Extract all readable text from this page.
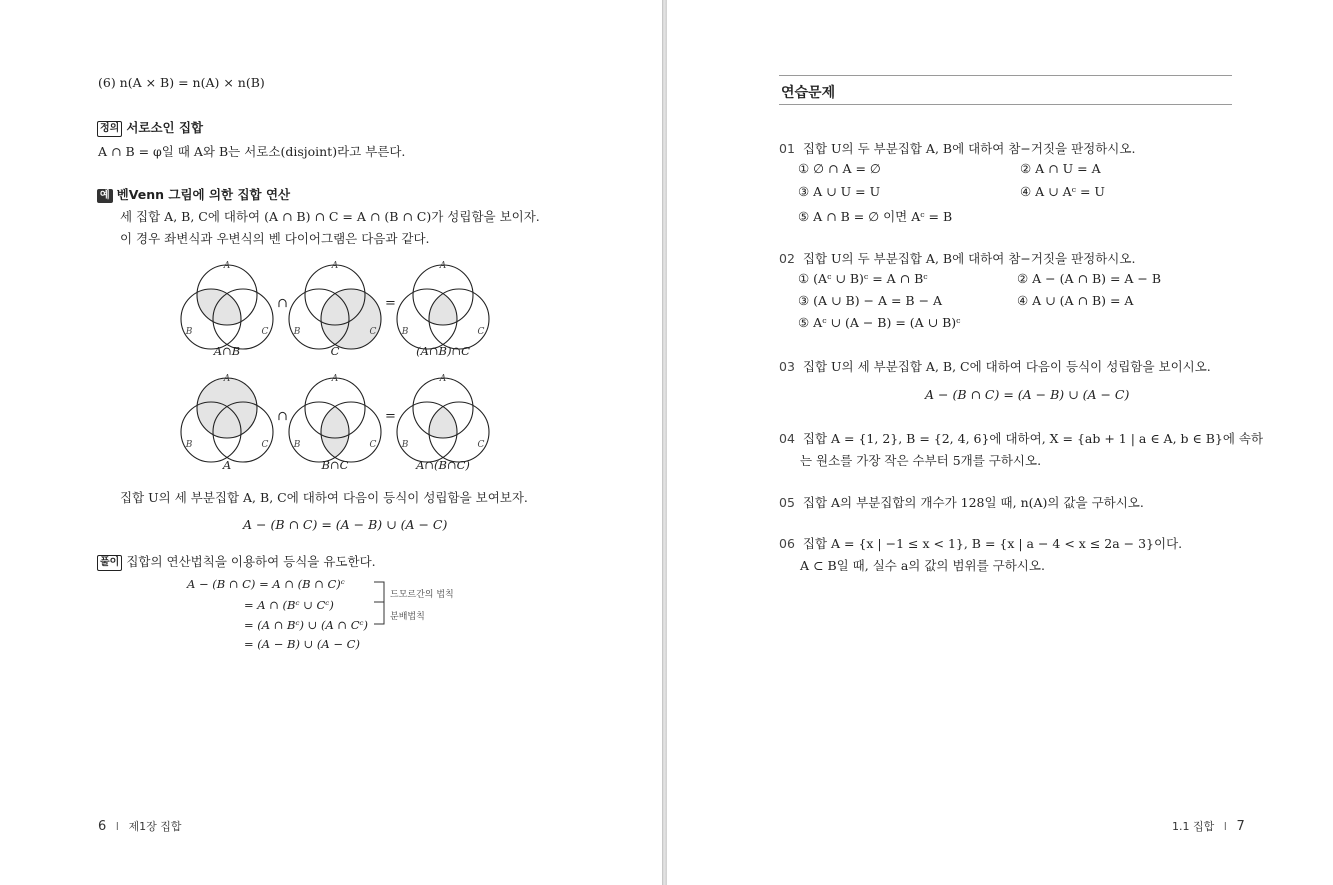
(6) n(A × B) = n(A) × n(B)
정의 서로소인 집합
A ∩ B = φ일 때 A와 B는 서로소(disjoint)라고 부른다.
예 벤Venn 그림에 의한 집합 연산
세 집합 A, B, C에 대하여 (A ∩ B) ∩ C = A ∩ (B ∩ C)가 성립함을 보이자.
이 경우 좌변식과 우변식의 벤 다이어그램은 다음과 같다.
A
B	C
A
B	C
A
B	C
A
B	C
A
B	C
A
B	C
∩	=
∩	=
A∩B	C	(A∩B)∩C
A	B∩C	A∩(B∩C)
집합 U의 세 부분집합 A, B, C에 대하여 다음이 등식이 성립함을 보여보자.
A − (B ∩ C) = (A − B) ∪ (A − C)
풀이 집합의 연산법칙을 이용하여 등식을 유도한다.
A − (B ∩ C) = A ∩ (B ∩ C)ᶜ
= A ∩ (Bᶜ ∪ Cᶜ)
= (A ∩ Bᶜ) ∪ (A ∩ Cᶜ)
= (A − B) ∪ (A − C)
드모르간의 법칙
분배법칙
6 I 제1장 집합
연습문제
01 집합 U의 두 부분집합 A, B에 대하여 참−거짓을 판정하시오.
① ∅ ∩ A = ∅	② A ∩ U = A
③ A ∪ U = U	④ A ∪ Aᶜ = U
⑤ A ∩ B = ∅ 이면 Aᶜ = B
02 집합 U의 두 부분집합 A, B에 대하여 참−거짓을 판정하시오.
① (Aᶜ ∪ B)ᶜ = A ∩ Bᶜ	② A − (A ∩ B) = A − B
③ (A ∪ B) − A = B − A	④ A ∪ (A ∩ B) = A
⑤ Aᶜ ∪ (A − B) = (A ∪ B)ᶜ
03 집합 U의 세 부분집합 A, B, C에 대하여 다음이 등식이 성립함을 보이시오.
A − (B ∩ C) = (A − B) ∪ (A − C)
04 집합 A = {1, 2}, B = {2, 4, 6}에 대하여, X = {ab + 1 | a ∈ A, b ∈ B}에 속하
는 원소를 가장 작은 수부터 5개를 구하시오.
05 집합 A의 부분집합의 개수가 128일 때, n(A)의 값을 구하시오.
06 집합 A = {x | −1 ≤ x < 1}, B = {x | a − 4 < x ≤ 2a − 3}이다.
A ⊂ B일 때, 실수 a의 값의 범위를 구하시오.
1.1 집합 I 7
